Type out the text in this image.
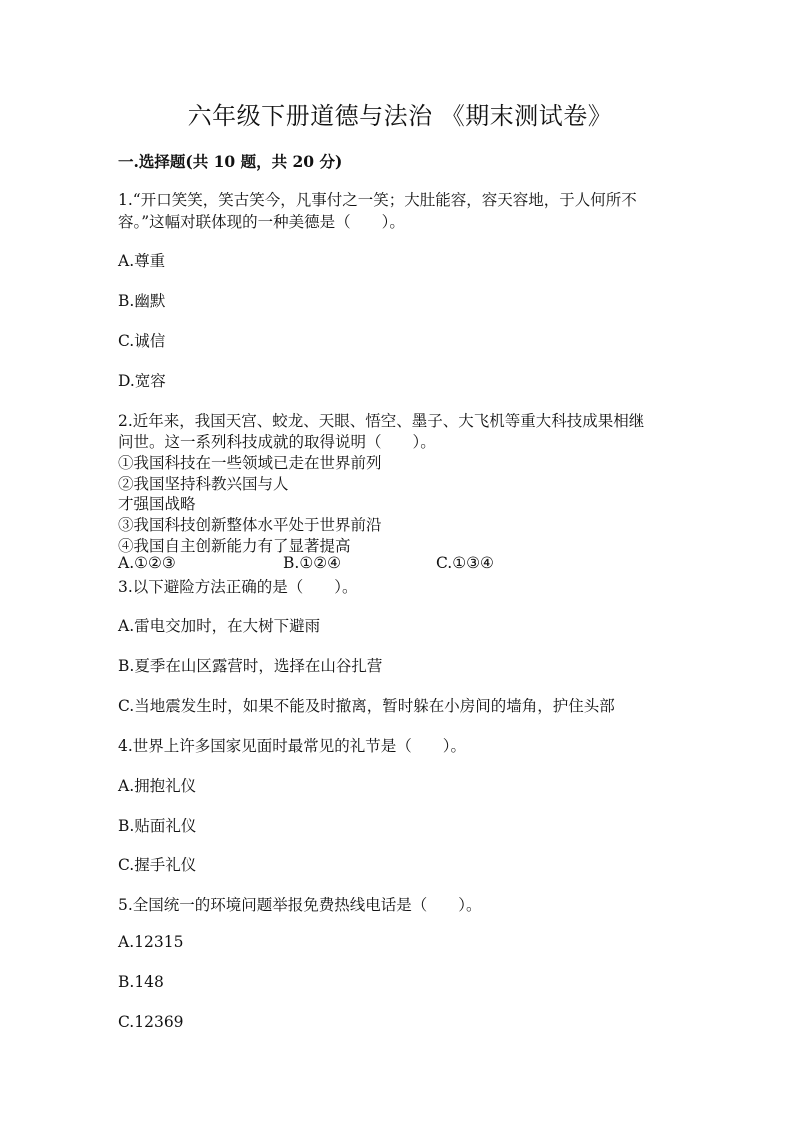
六年级下册道德与法治 《期末测试卷》
一.选择题(共 10 题，共 20 分)
1.“开口笑笑，笑古笑今，凡事付之一笑；大肚能容，容天容地，于人何所不
容。”这幅对联体现的一种美德是（　　）。
A.尊重
B.幽默
C.诚信
D.宽容
2.近年来，我国天宫、蛟龙、天眼、悟空、墨子、大飞机等重大科技成果相继
问世。这一系列科技成就的取得说明（　　）。
①我国科技在一些领域已走在世界前列
②我国坚持科教兴国与人
才强国战略
③我国科技创新整体水平处于世界前沿
④我国自主创新能力有了显著提高
A.①②③	B.①②④	C.①③④
3.以下避险方法正确的是（　　）。
A.雷电交加时，在大树下避雨
B.夏季在山区露营时，选择在山谷扎营
C.当地震发生时，如果不能及时撤离，暂时躲在小房间的墙角，护住头部
4.世界上许多国家见面时最常见的礼节是（　　）。
A.拥抱礼仪
B.贴面礼仪
C.握手礼仪
5.全国统一的环境问题举报免费热线电话是（　　）。
A.12315
B.148
C.12369
